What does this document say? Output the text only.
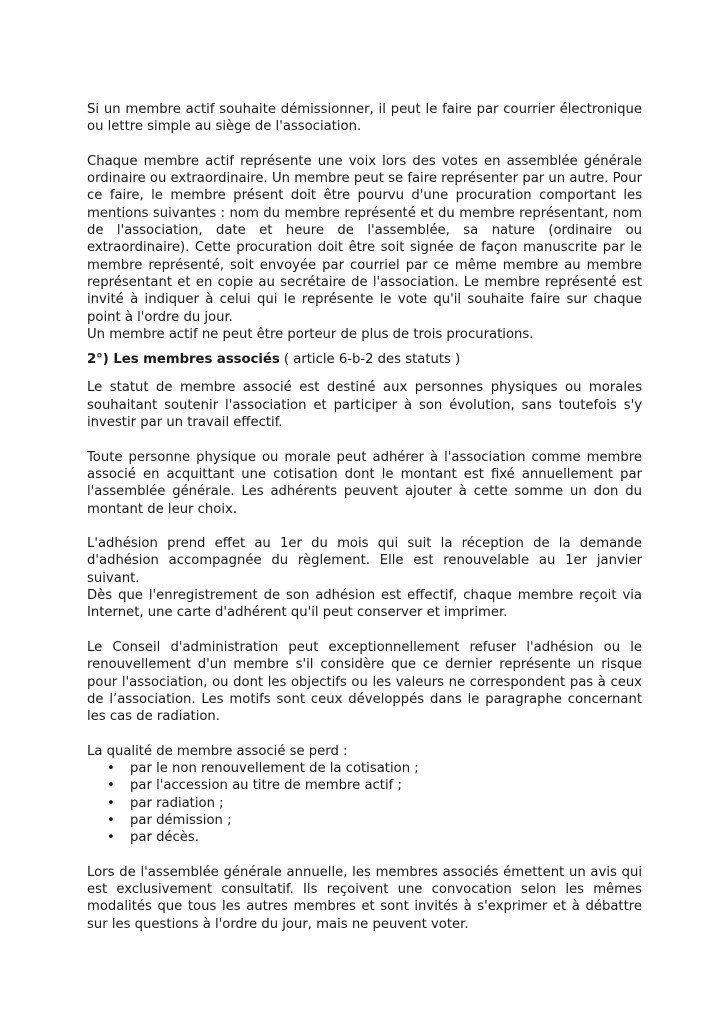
Si un membre actif souhaite démissionner, il peut le faire par courrier électronique ou lettre simple au siège de l'association.

Chaque membre actif représente une voix lors des votes en assemblée générale ordinaire ou extraordinaire. Un membre peut se faire représenter par un autre. Pour ce faire, le membre présent doit être pourvu d'une procuration comportant les mentions suivantes : nom du membre représenté et du membre représentant, nom de l'association, date et heure de l'assemblée, sa nature (ordinaire ou extraordinaire). Cette procuration doit être soit signée de façon manuscrite par le membre représenté, soit envoyée par courriel par ce même membre au membre représentant et en copie au secrétaire de l'association. Le membre représenté est invité à indiquer à celui qui le représente le vote qu'il souhaite faire sur chaque point à l'ordre du jour.

Un membre actif ne peut être porteur de plus de trois procurations.

2°) Les membres associés ( article 6-b-2 des statuts )

Le statut de membre associé est destiné aux personnes physiques ou morales souhaitant soutenir l'association et participer à son évolution, sans toutefois s'y investir par un travail effectif.

Toute personne physique ou morale peut adhérer à l'association comme membre associé en acquittant une cotisation dont le montant est fixé annuellement par l'assemblée générale. Les adhérents peuvent ajouter à cette somme un don du montant de leur choix.

L'adhésion prend effet au 1er du mois qui suit la réception de la demande d'adhésion accompagnée du règlement. Elle est renouvelable au 1er janvier suivant.

Dès que l'enregistrement de son adhésion est effectif, chaque membre reçoit via Internet, une carte d'adhérent qu'il peut conserver et imprimer.

Le Conseil d'administration peut exceptionnellement refuser l'adhésion ou le renouvellement d'un membre s'il considère que ce dernier représente un risque pour l'association, ou dont les objectifs ou les valeurs ne correspondent pas à ceux de l’association. Les motifs sont ceux développés dans le paragraphe concernant les cas de radiation.

La qualité de membre associé se perd :

• par le non renouvellement de la cotisation ;
• par l'accession au titre de membre actif ;
• par radiation ;
• par démission ;
• par décès.

Lors de l'assemblée générale annuelle, les membres associés émettent un avis qui est exclusivement consultatif. Ils reçoivent une convocation selon les mêmes modalités que tous les autres membres et sont invités à s'exprimer et à débattre sur les questions à l'ordre du jour, mais ne peuvent voter.
